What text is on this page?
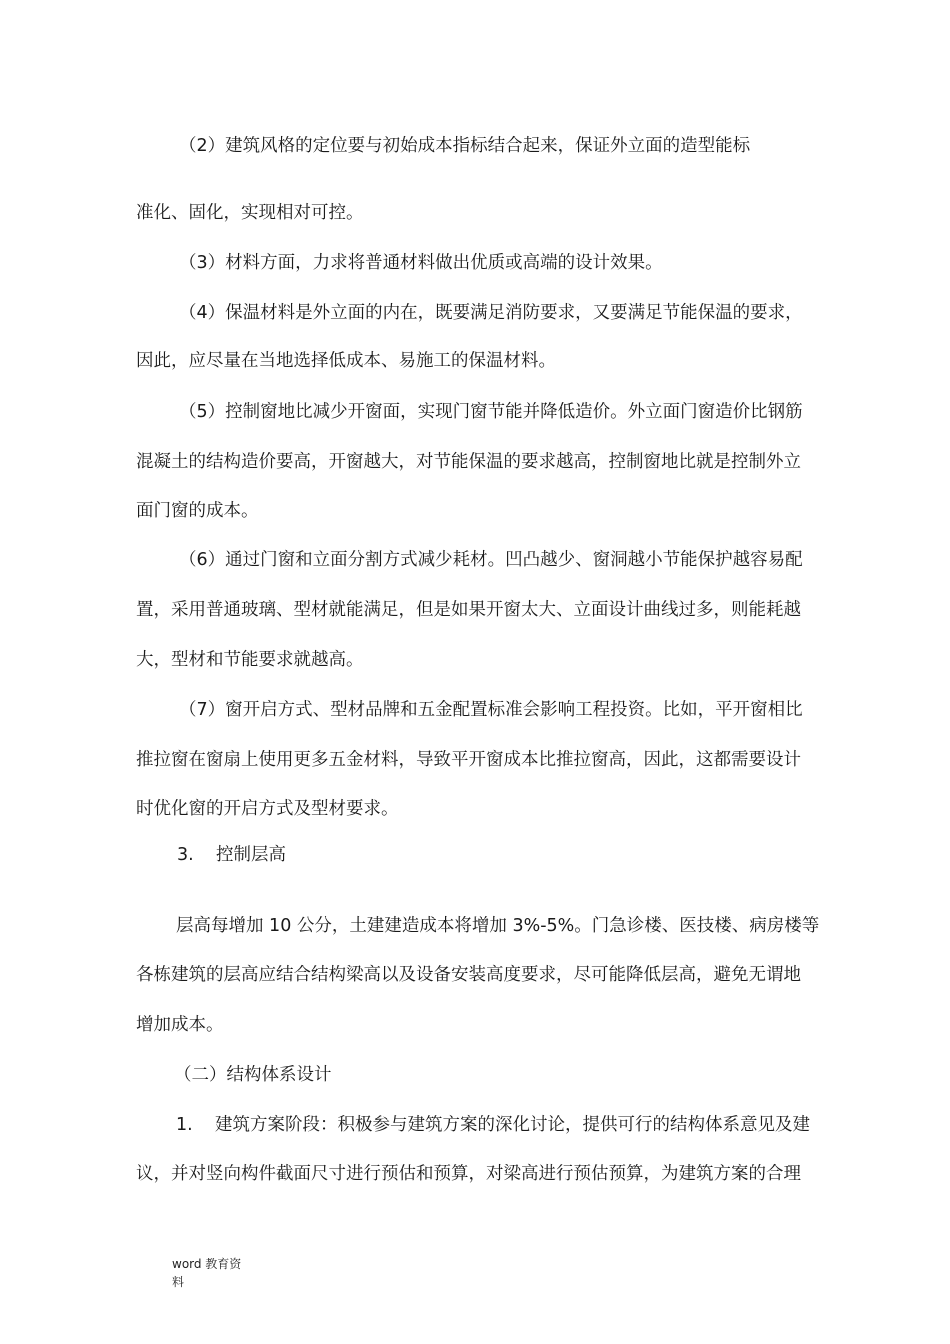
（2）建筑风格的定位要与初始成本指标结合起来，保证外立面的造型能标
准化、固化，实现相对可控。
（3）材料方面，力求将普通材料做出优质或高端的设计效果。
（4）保温材料是外立面的内在，既要满足消防要求，又要满足节能保温的要求，
因此，应尽量在当地选择低成本、易施工的保温材料。
（5）控制窗地比减少开窗面，实现门窗节能并降低造价。外立面门窗造价比钢筋
混凝土的结构造价要高，开窗越大，对节能保温的要求越高，控制窗地比就是控制外立
面门窗的成本。
（6）通过门窗和立面分割方式减少耗材。凹凸越少、窗洞越小节能保护越容易配
置，采用普通玻璃、型材就能满足，但是如果开窗太大、立面设计曲线过多，则能耗越
大，型材和节能要求就越高。
（7）窗开启方式、型材品牌和五金配置标准会影响工程投资。比如，平开窗相比
推拉窗在窗扇上使用更多五金材料，导致平开窗成本比推拉窗高，因此，这都需要设计
时优化窗的开启方式及型材要求。
3.    控制层高
层高每增加 10 公分，土建建造成本将增加 3%-5%。门急诊楼、医技楼、病房楼等
各栋建筑的层高应结合结构梁高以及设备安装高度要求，尽可能降低层高，避免无谓地
增加成本。
（二）结构体系设计
1.    建筑方案阶段：积极参与建筑方案的深化讨论，提供可行的结构体系意见及建
议，并对竖向构件截面尺寸进行预估和预算，对梁高进行预估预算，为建筑方案的合理
word 教育资
料
